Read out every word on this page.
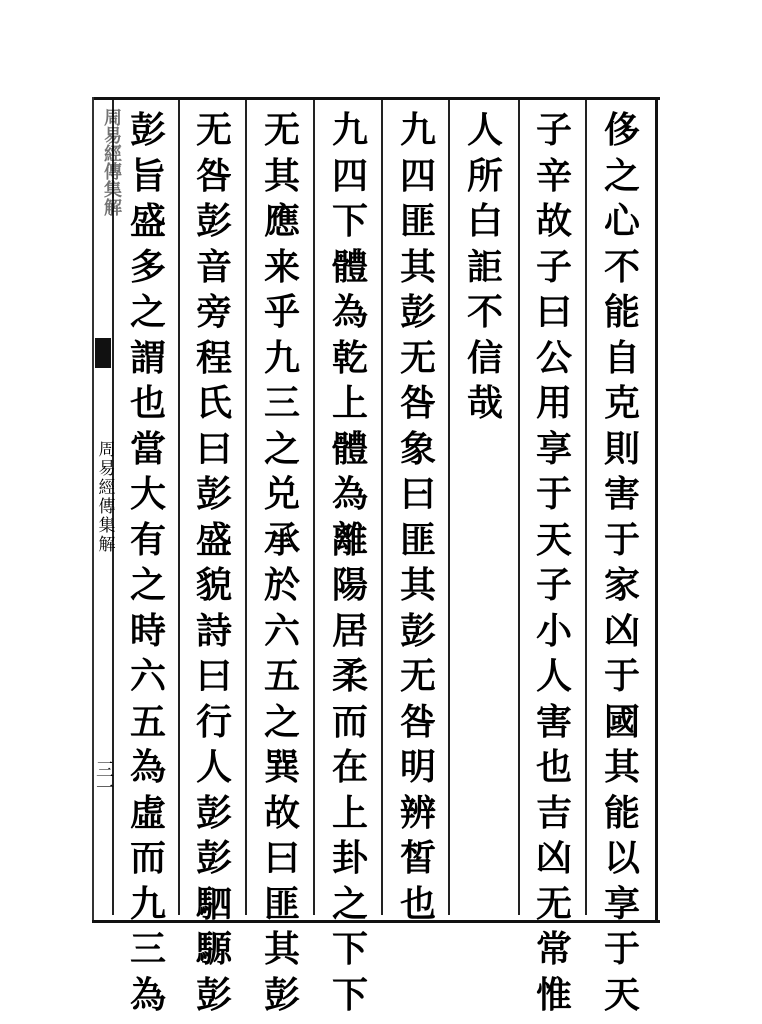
侈
之
心
不
能
自
克
則
害
于
家
凶
于
國
其
能
以
享
于
天
子
辛
故
子
曰
公
用
享
于
天
子
小
人
害
也
吉
凶
无
常
惟
人
所
白
詎
不
信
哉
九
四
匪
其
彭
无
咎
象
曰
匪
其
彭
无
咎
明
辨
皙
也
九
四
下
體
為
乾
上
體
為
離
陽
居
柔
而
在
上
卦
之
下
下
无
其
應
来
乎
九
三
之
兑
承
於
六
五
之
巽
故
曰
匪
其
彭
无
咎
彭
音
旁
程
氏
曰
彭
盛
貌
詩
曰
行
人
彭
彭
駟
騵
彭
彭
旨
盛
多
之
謂
也
當
大
有
之
時
六
五
為
虛
而
九
三
為
周易經傳集解
周易經傳集解
三一
